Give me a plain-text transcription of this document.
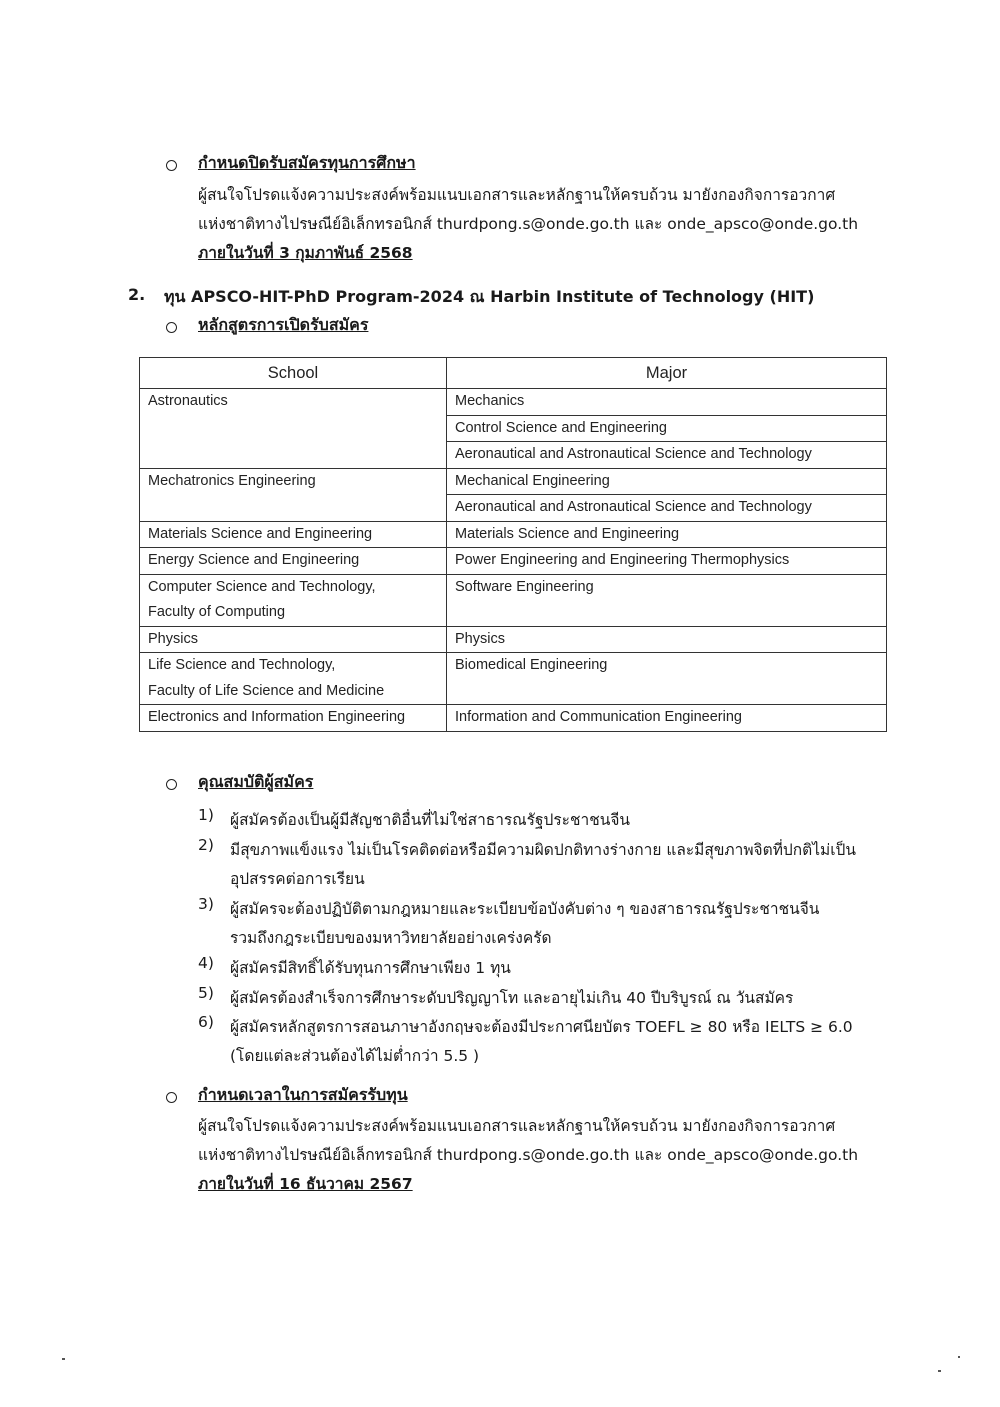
กำหนดปิดรับสมัครทุนการศึกษา
ผู้สนใจโปรดแจ้งความประสงค์พร้อมแนบเอกสารและหลักฐานให้ครบถ้วน มายังกองกิจการอวกาศ
แห่งชาติทางไปรษณีย์อิเล็กทรอนิกส์ thurdpong.s@onde.go.th และ onde_apsco@onde.go.th
ภายในวันที่ 3 กุมภาพันธ์ 2568
2. ทุน APSCO-HIT-PhD Program-2024 ณ Harbin Institute of Technology (HIT)
หลักสูตรการเปิดรับสมัคร
School	Major

Astronautics	Mechanics
	Control Science and Engineering
	Aeronautical and Astronautical Science and Technology

Mechatronics Engineering	Mechanical Engineering
	Aeronautical and Astronautical Science and Technology

Materials Science and Engineering	Materials Science and Engineering

Energy Science and Engineering	Power Engineering and Engineering Thermophysics

Computer Science and Technology,
Faculty of Computing	Software Engineering

Physics	Physics

Life Science and Technology,
Faculty of Life Science and Medicine	Biomedical Engineering

Electronics and Information Engineering	Information and Communication Engineering
คุณสมบัติผู้สมัคร
1) ผู้สมัครต้องเป็นผู้มีสัญชาติอื่นที่ไม่ใช่สาธารณรัฐประชาชนจีน
2) มีสุขภาพแข็งแรง ไม่เป็นโรคติดต่อหรือมีความผิดปกติทางร่างกาย และมีสุขภาพจิตที่ปกติไม่เป็น
อุปสรรคต่อการเรียน
3) ผู้สมัครจะต้องปฏิบัติตามกฎหมายและระเบียบข้อบังคับต่าง ๆ ของสาธารณรัฐประชาชนจีน
รวมถึงกฎระเบียบของมหาวิทยาลัยอย่างเคร่งครัด
4) ผู้สมัครมีสิทธิ์ได้รับทุนการศึกษาเพียง 1 ทุน
5) ผู้สมัครต้องสำเร็จการศึกษาระดับปริญญาโท และอายุไม่เกิน 40 ปีบริบูรณ์ ณ วันสมัคร
6) ผู้สมัครหลักสูตรการสอนภาษาอังกฤษจะต้องมีประกาศนียบัตร TOEFL ≥ 80 หรือ IELTS ≥ 6.0
(โดยแต่ละส่วนต้องได้ไม่ต่ำกว่า 5.5 )
กำหนดเวลาในการสมัครรับทุน
ผู้สนใจโปรดแจ้งความประสงค์พร้อมแนบเอกสารและหลักฐานให้ครบถ้วน มายังกองกิจการอวกาศ
แห่งชาติทางไปรษณีย์อิเล็กทรอนิกส์ thurdpong.s@onde.go.th และ onde_apsco@onde.go.th
ภายในวันที่ 16 ธันวาคม 2567
